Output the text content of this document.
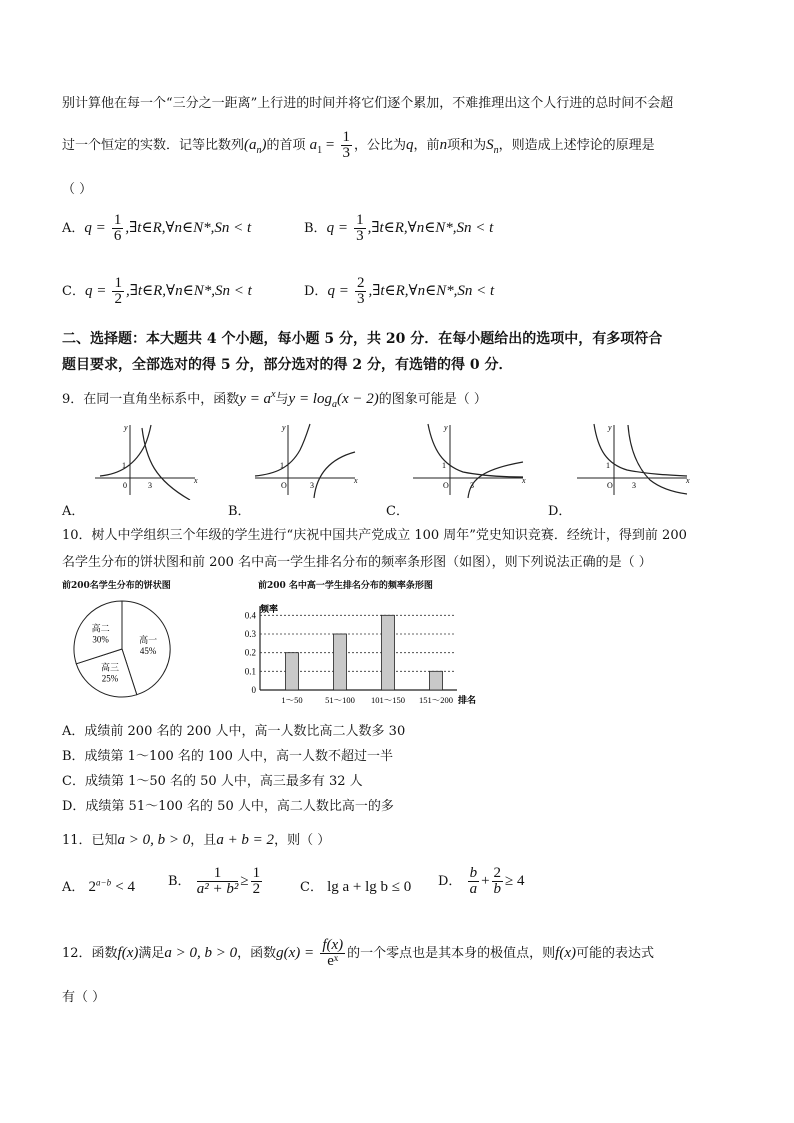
别计算他在每一个“三分之一距离”上行进的时间并将它们逐个累加，不难推理出这个人行进的总时间不会超
过一个恒定的实数．记等比数列$(a_n)$的首项 $a_1 = \frac{1}{3}$ ，公比为q，前n项和为$S_n$，则造成上述悖论的原理是
（ ）
A．$q = \frac{1}{6}$ ,∃t∈R,∀n∈N*,Sn < t	B．$q = \frac{1}{3}$ ,∃t∈R,∀n∈N*,Sn < t
C．$q = \frac{1}{2}$ ,∃t∈R,∀n∈N*,Sn < t	D．$q = \frac{2}{3}$ ,∃t∈R,∀n∈N*,Sn < t
二、选择题：本大题共 4 个小题，每小题 5 分，共 20 分．在每小题给出的选项中，有多项符合
题目要求，全部选对的得 5 分，部分选对的得 2 分，有选错的得 0 分．
9．在同一直角坐标系中，函数$y = a^x$与$y = \log_a(x - 2)$的图象可能是（ ）
y
x
1
0	3
y
x
1
O	3
y
x
1
O	3
y
x
1
O 3
A．	B．	C．	D．
10．树人中学组织三个年级的学生进行“庆祝中国共产党成立 100 周年”党史知识竞赛．经统计，得到前 200
名学生分布的饼状图和前 200 名中高一学生排名分布的频率条形图（如图），则下列说法正确的是（ ）
前200名学生分布的饼状图
高一
45%
高三
25%
高二
30%
前200 名中高一学生排名分布的频率条形图
频率
0.4
0.3
0.2
0.1
0
1～50	51～100 101～150 151～200 排名
A．成绩前 200 名的 200 人中，高一人数比高二人数多 30
B．成绩第 1～100 名的 100 人中，高一人数不超过一半
C．成绩第 1～50 名的 50 人中，高三最多有 32 人
D．成绩第 51～100 名的 50 人中，高二人数比高一的多
11．已知a > 0, b > 0，且a + b = 2，则（ ）
A． $2^{a-b} < 4$	B． $\frac{1}{\text{a² + b²}} \ge \frac{1}{2}$	C． lg a + lg b ≤ 0 D． $\frac{b}{a} + \frac{2}{b} \ge 4$
12．函数f(x)满足a > 0, b > 0，函数$g(x) = \frac{f(x)}{\text{eˣ}}$ 的一个零点也是其本身的极值点，则f(x)可能的表达式
有（ ）
